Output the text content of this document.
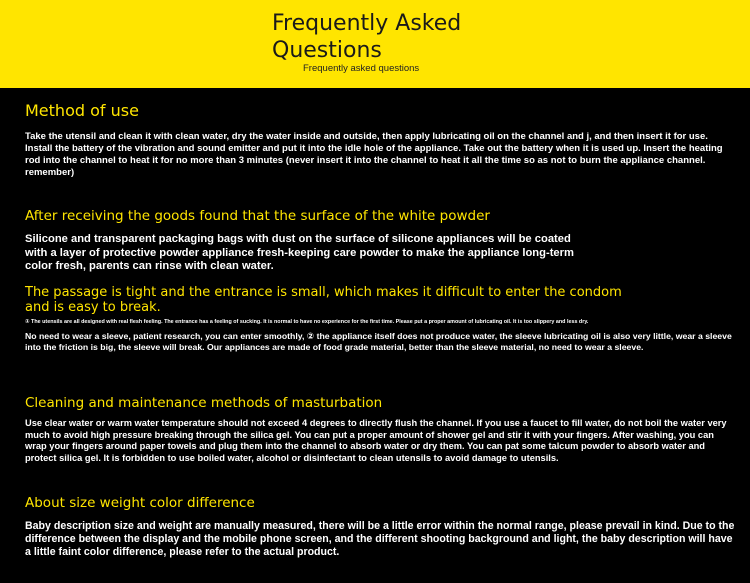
Frequently Asked Questions
Frequently asked questions
Method of use

Take the utensil and clean it with clean water, dry the water inside and outside, then apply lubricating oil on the channel and j, and then insert it for use. Install the battery of the vibration and sound emitter and put it into the idle hole of the appliance. Take out the battery when it is used up. Insert the heating rod into the channel to heat it for no more than 3 minutes (never insert it into the channel to heat it all the time so as not to burn the appliance channel. remember)

After receiving the goods found that the surface of the white powder

Silicone and transparent packaging bags with dust on the surface of silicone appliances will be coated with a layer of protective powder appliance fresh-keeping care powder to make the appliance long-term color fresh, parents can rinse with clean water.

The passage is tight and the entrance is small, which makes it difficult to enter the condom and is easy to break.

① The utensils are all designed with real flesh feeling. The entrance has a feeling of sucking. It is normal to have no experience for the first time. Please put a proper amount of lubricating oil. It is too slippery and less dry.

No need to wear a sleeve, patient research, you can enter smoothly, ② the appliance itself does not produce water, the sleeve lubricating oil is also very little, wear a sleeve into the friction is big, the sleeve will break. Our appliances are made of food grade material, better than the sleeve material, no need to wear a sleeve.

Cleaning and maintenance methods of masturbation

Use clear water or warm water temperature should not exceed 4 degrees to directly flush the channel. If you use a faucet to fill water, do not boil the water very much to avoid high pressure breaking through the silica gel. You can put a proper amount of shower gel and stir it with your fingers. After washing, you can wrap your fingers around paper towels and plug them into the channel to absorb water or dry them. You can pat some talcum powder to absorb water and protect silica gel. It is forbidden to use boiled water, alcohol or disinfectant to clean utensils to avoid damage to utensils.

About size weight color difference

Baby description size and weight are manually measured, there will be a little error within the normal range, please prevail in kind. Due to the difference between the display and the mobile phone screen, and the different shooting background and light, the baby description will have a little faint color difference, please refer to the actual product.
